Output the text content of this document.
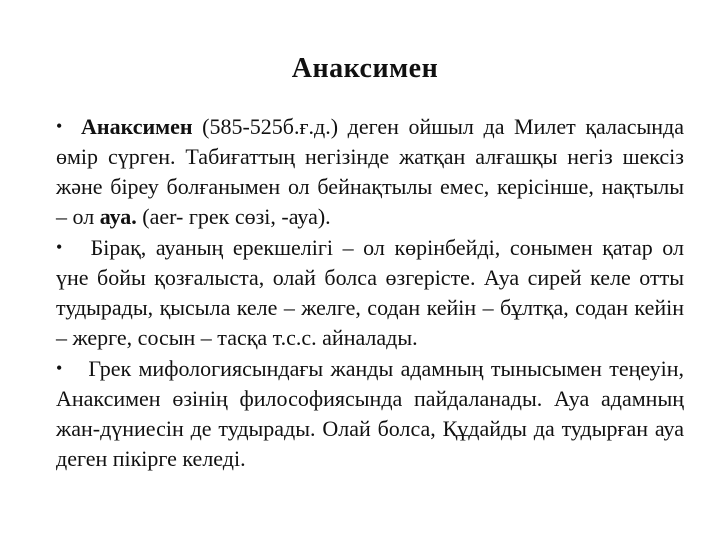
Анаксимен

• Анаксимен (585-525б.ғ.д.) деген ойшыл да Милет қаласында өмір сүрген. Табиғаттың негізінде жатқан алғашқы негіз шексіз және біреу болғанымен ол бейнақтылы емес, керісінше, нақтылы – ол ауа. (aer- грек сөзі, -ауа).

• Бірақ, ауаның ерекшелігі – ол көрінбейді, сонымен қатар ол үне бойы қозғалыста, олай болса өзгерісте. Ауа сирей келе отты тудырады, қысыла келе – желге, содан кейін – бұлтқа, содан кейін – жерге, сосын – тасқа т.с.с. айналады.

• Грек мифологиясындағы жанды адамның тынысымен теңеуін, Анаксимен өзінің философиясында пайдаланады. Ауа адамның жан-дүниесін де тудырады. Олай болса, Құдайды да тудырған ауа деген пікірге келеді.
